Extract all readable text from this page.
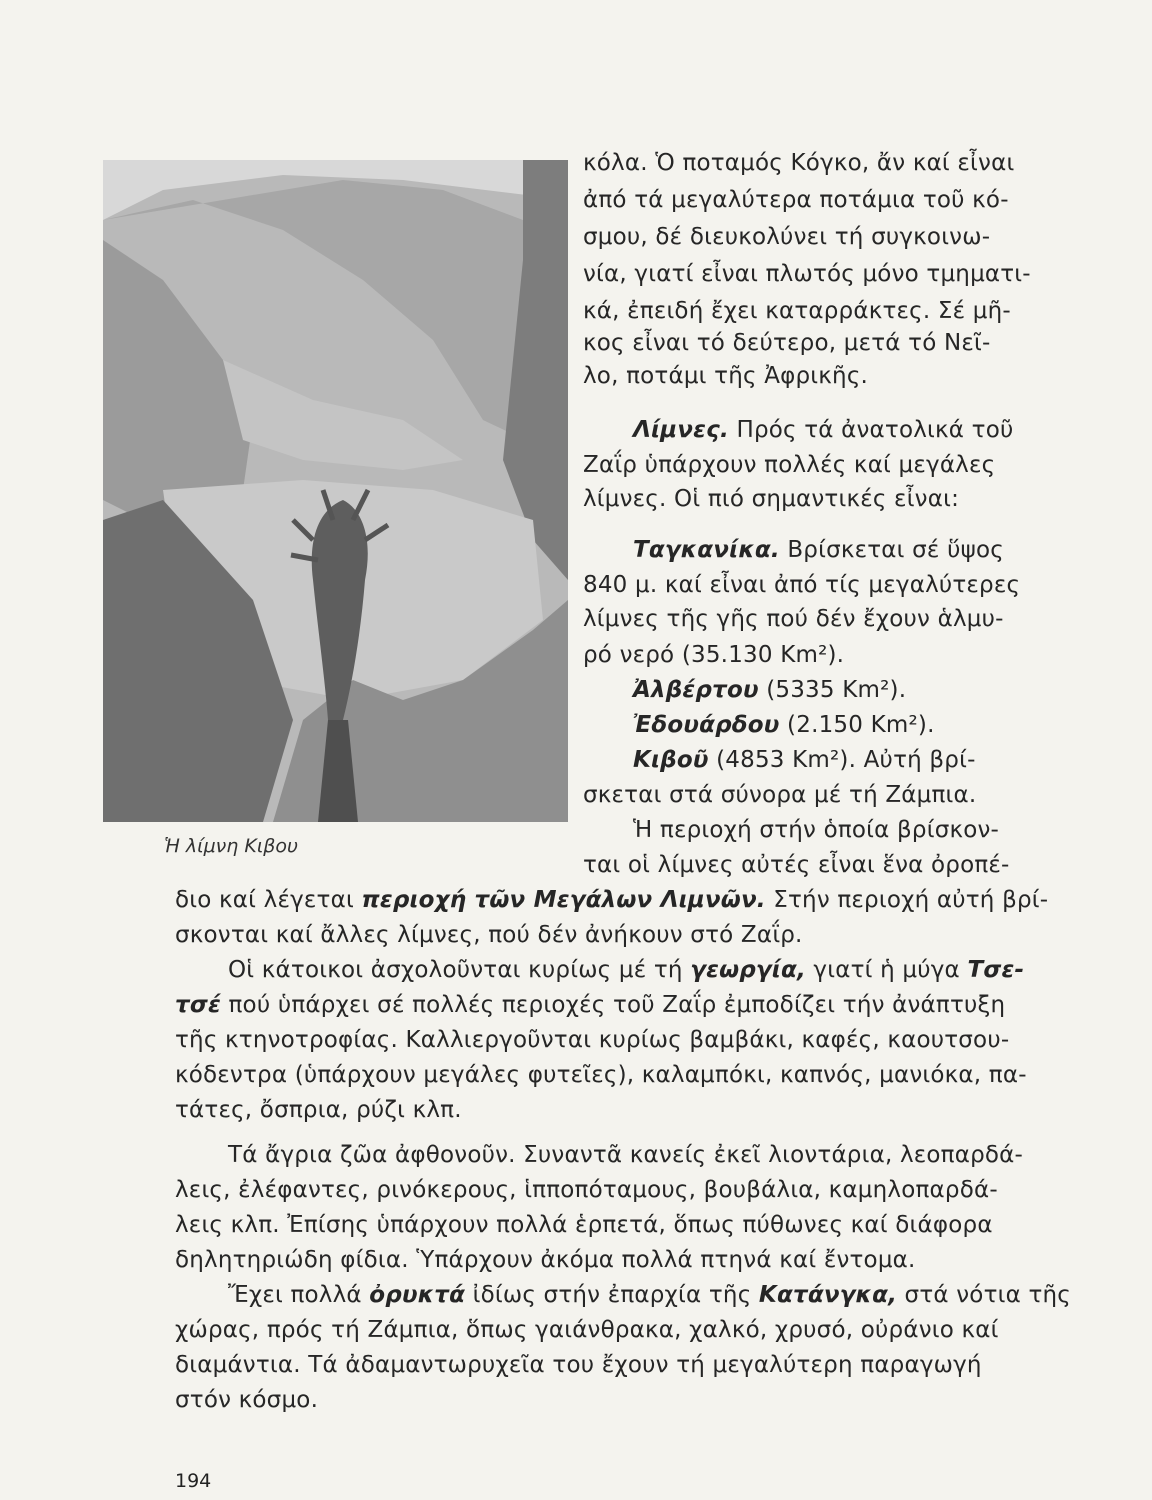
Ἡ λίμνη Κιβου
κόλα. Ὁ ποταμός Κόγκο, ἄν καί εἶναι
ἀπό τά μεγαλύτερα ποτάμια τοῦ κό-
σμου, δέ διευκολύνει τή συγκοινω-
νία, γιατί εἶναι πλωτός μόνο τμηματι-
κά, ἐπειδή ἔχει καταρράκτες. Σέ μῆ-
κος εἶναι τό δεύτερο, μετά τό Νεῖ-
λο, ποτάμι τῆς Ἀφρικῆς.
Λίμνες. Πρός τά ἀνατολικά τοῦ
Ζαΐρ ὑπάρχουν πολλές καί μεγάλες
λίμνες. Οἱ πιό σημαντικές εἶναι:
Ταγκανίκα. Βρίσκεται σέ ὕψος
840 μ. καί εἶναι ἀπό τίς μεγαλύτερες
λίμνες τῆς γῆς πού δέν ἔχουν ἁλμυ-
ρό νερό (35.130 Km²).
Ἀλβέρτου (5335 Km²).
Ἐδουάρδου (2.150 Km²).
Κιβοῦ (4853 Km²). Αὐτή βρί-
σκεται στά σύνορα μέ τή Ζάμπια.
Ἡ περιοχή στήν ὁποία βρίσκον-
ται οἱ λίμνες αὐτές εἶναι ἕνα ὀροπέ-
διο καί λέγεται περιοχή τῶν Μεγάλων Λιμνῶν. Στήν περιοχή αὐτή βρί-
σκονται καί ἄλλες λίμνες, πού δέν ἀνήκουν στό Ζαΐρ.
Οἱ κάτοικοι ἀσχολοῦνται κυρίως μέ τή γεωργία, γιατί ἡ μύγα Τσε-
τσέ πού ὑπάρχει σέ πολλές περιοχές τοῦ Ζαΐρ ἐμποδίζει τήν ἀνάπτυξη
τῆς κτηνοτροφίας. Καλλιεργοῦνται κυρίως βαμβάκι, καφές, καουτσου-
κόδεντρα (ὑπάρχουν μεγάλες φυτεῖες), καλαμπόκι, καπνός, μανιόκα, πα-
τάτες, ὄσπρια, ρύζι κλπ.
Τά ἄγρια ζῶα ἀφθονοῦν. Συναντᾶ κανείς ἐκεῖ λιοντάρια, λεοπαρδά-
λεις, ἐλέφαντες, ρινόκερους, ἱπποπόταμους, βουβάλια, καμηλοπαρδά-
λεις κλπ. Ἐπίσης ὑπάρχουν πολλά ἑρπετά, ὅπως πύθωνες καί διάφορα
δηλητηριώδη φίδια. Ὑπάρχουν ἀκόμα πολλά πτηνά καί ἔντομα.
Ἔχει πολλά ὀρυκτά ἰδίως στήν ἐπαρχία τῆς Κατάνγκα, στά νότια τῆς
χώρας, πρός τή Ζάμπια, ὅπως γαιάνθρακα, χαλκό, χρυσό, οὐράνιο καί
διαμάντια. Τά ἀδαμαντωρυχεῖα του ἔχουν τή μεγαλύτερη παραγωγή
στόν κόσμο.
194
